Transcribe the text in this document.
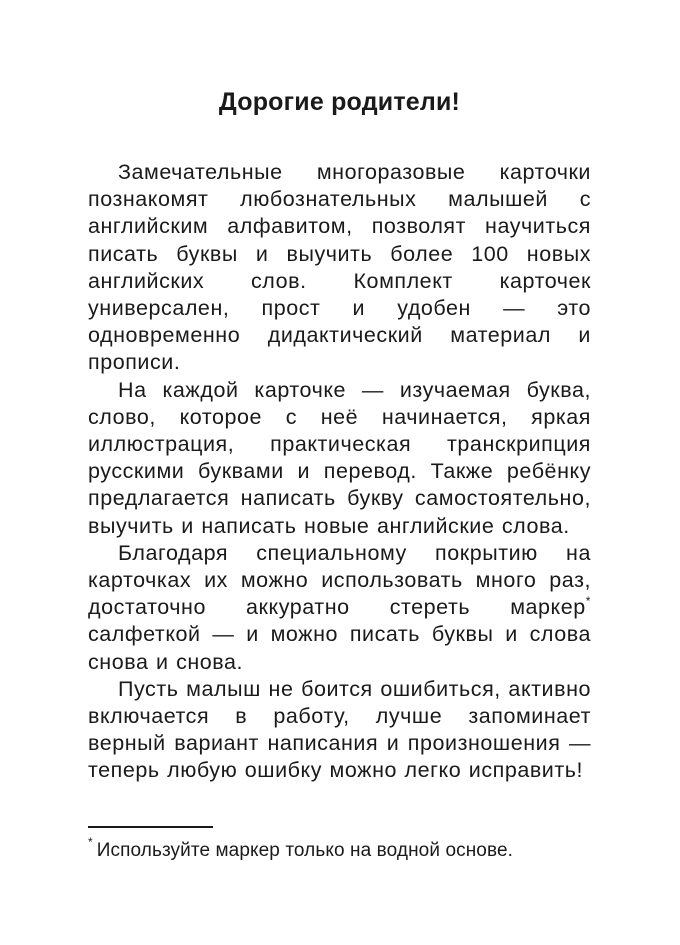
Дорогие родители!

Замечательные многоразовые карточки познакомят любознательных малышей с английским алфавитом, позволят научиться писать буквы и выучить более 100 новых английских слов. Комплект карточек универсален, прост и удобен — это одновременно дидактический материал и прописи.

На каждой карточке — изучаемая буква, слово, которое с неё начинается, яркая иллюстрация, практическая транскрипция русскими буквами и перевод. Также ребёнку предлагается написать букву самостоятельно, выучить и написать новые английские слова.

Благодаря специальному покрытию на карточках их можно использовать много раз, достаточно аккуратно стереть маркер* салфеткой — и можно писать буквы и слова снова и снова.

Пусть малыш не боится ошибиться, активно включается в работу, лучше запоминает верный вариант написания и произношения — теперь любую ошибку можно легко исправить!

* Используйте маркер только на водной основе.
